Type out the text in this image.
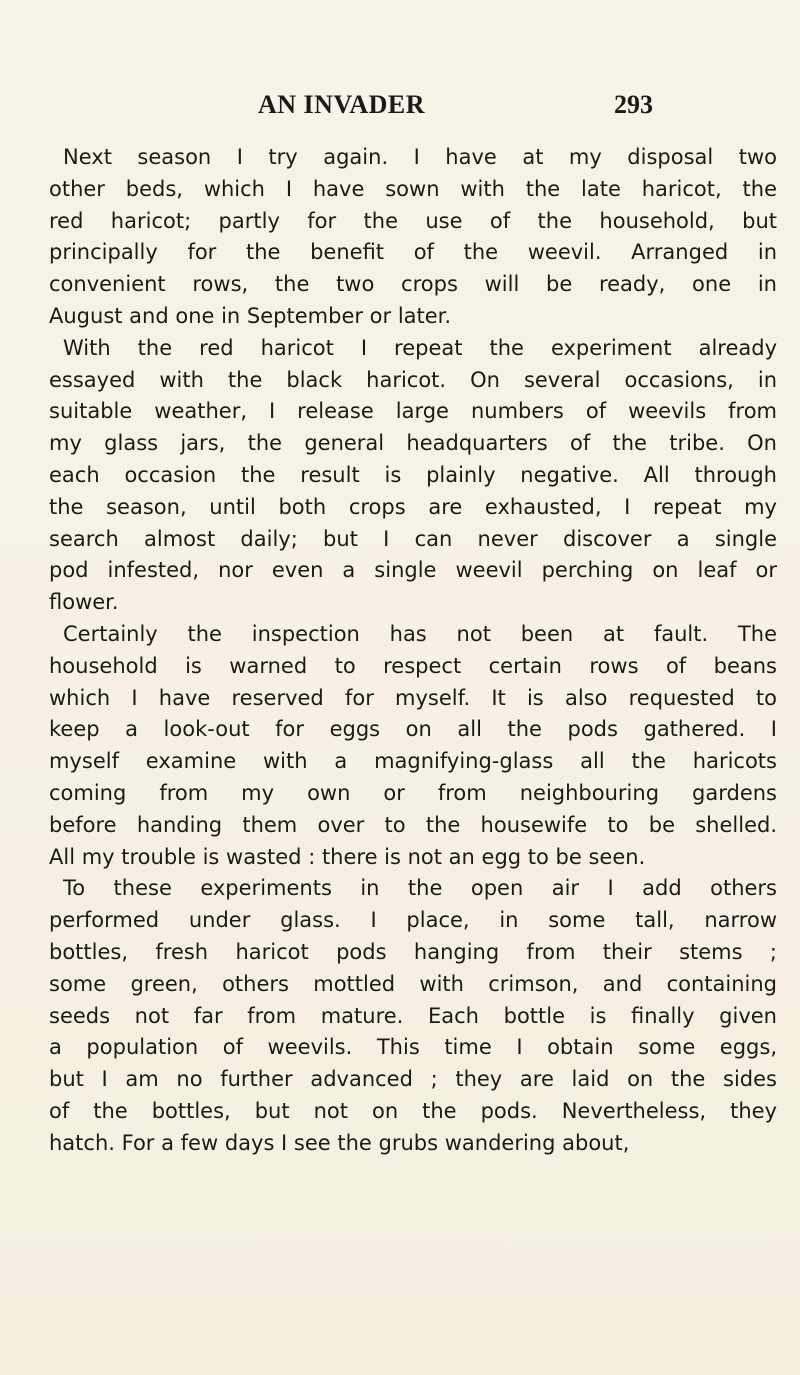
AN INVADER	293
Next season I try again. I have at my disposal two
other beds, which I have sown with the late haricot, the
red haricot; partly for the use of the household, but
principally for the benefit of the weevil. Arranged in
convenient rows, the two crops will be ready, one in
August and one in September or later.
With the red haricot I repeat the experiment already
essayed with the black haricot. On several occasions, in
suitable weather, I release large numbers of weevils from
my glass jars, the general headquarters of the tribe. On
each occasion the result is plainly negative. All through
the season, until both crops are exhausted, I repeat my
search almost daily; but I can never discover a single
pod infested, nor even a single weevil perching on leaf or
flower.
Certainly the inspection has not been at fault. The
household is warned to respect certain rows of beans
which I have reserved for myself. It is also requested to
keep a look-out for eggs on all the pods gathered. I
myself examine with a magnifying-glass all the haricots
coming from my own or from neighbouring gardens
before handing them over to the housewife to be shelled.
All my trouble is wasted : there is not an egg to be seen.
To these experiments in the open air I add others
performed under glass. I place, in some tall, narrow
bottles, fresh haricot pods hanging from their stems ;
some green, others mottled with crimson, and containing
seeds not far from mature. Each bottle is finally given
a population of weevils. This time I obtain some eggs,
but I am no further advanced ; they are laid on the sides
of the bottles, but not on the pods. Nevertheless, they
hatch. For a few days I see the grubs wandering about,
